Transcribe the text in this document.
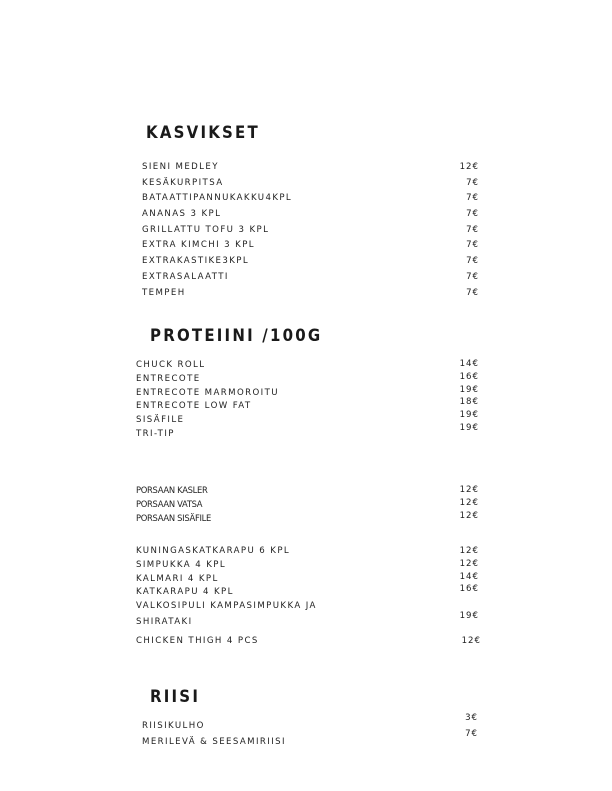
KASVIKSET
SIENI MEDLEY
KESÄKURPITSA
BATAATTIPANNUKAKKU4KPL
ANANAS 3 KPL
GRILLATTU TOFU 3 KPL
EXTRA KIMCHI 3 KPL
EXTRAKASTIKE3KPL
EXTRASALAATTI
TEMPEH
12€
7€
7€
7€
7€
7€
7€
7€
7€
PROTEIINI /100G
CHUCK ROLL
ENTRECOTE
ENTRECOTE MARMOROITU
ENTRECOTE LOW FAT
SISÄFILE
TRI-TIP
14€
16€
19€
18€
19€
19€
PORSAAN KASLER
PORSAAN VATSA
PORSAAN SISÄFILE
12€
12€
12€
KUNINGASKATKARAPU 6 KPL
SIMPUKKA 4 KPL
KALMARI 4 KPL
KATKARAPU 4 KPL
VALKOSIPULI KAMPASIMPUKKA JA
SHIRATAKI
12€
12€
14€
16€
19€
CHICKEN THIGH 4 PCS	12€
RIISI
RIISIKULHO
MERILEVÄ & SEESAMIRIISI
3€
7€
